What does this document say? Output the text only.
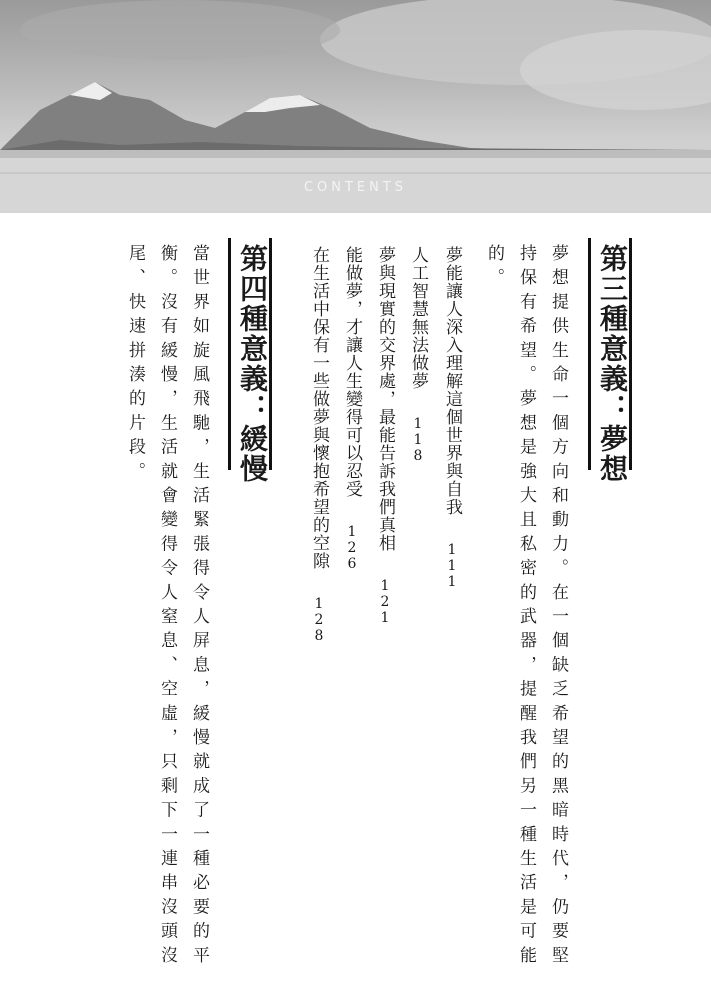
CONTENTS
第三種意義：夢想
夢想提供生命一個方向和動力。在一個缺乏希望的黑暗時代，仍要堅
持保有希望。夢想是強大且私密的武器，提醒我們另一種生活是可能
的。
夢能讓人深入理解這個世界與自我111
人工智慧無法做夢118
夢與現實的交界處，最能告訴我們真相121
能做夢，才讓人生變得可以忍受126
在生活中保有一些做夢與懷抱希望的空隙128
第四種意義：緩慢
當世界如旋風飛馳，生活緊張得令人屏息，緩慢就成了一種必要的平
衡。沒有緩慢，生活就會變得令人窒息、空虛，只剩下一連串沒頭沒
尾、快速拼湊的片段。
